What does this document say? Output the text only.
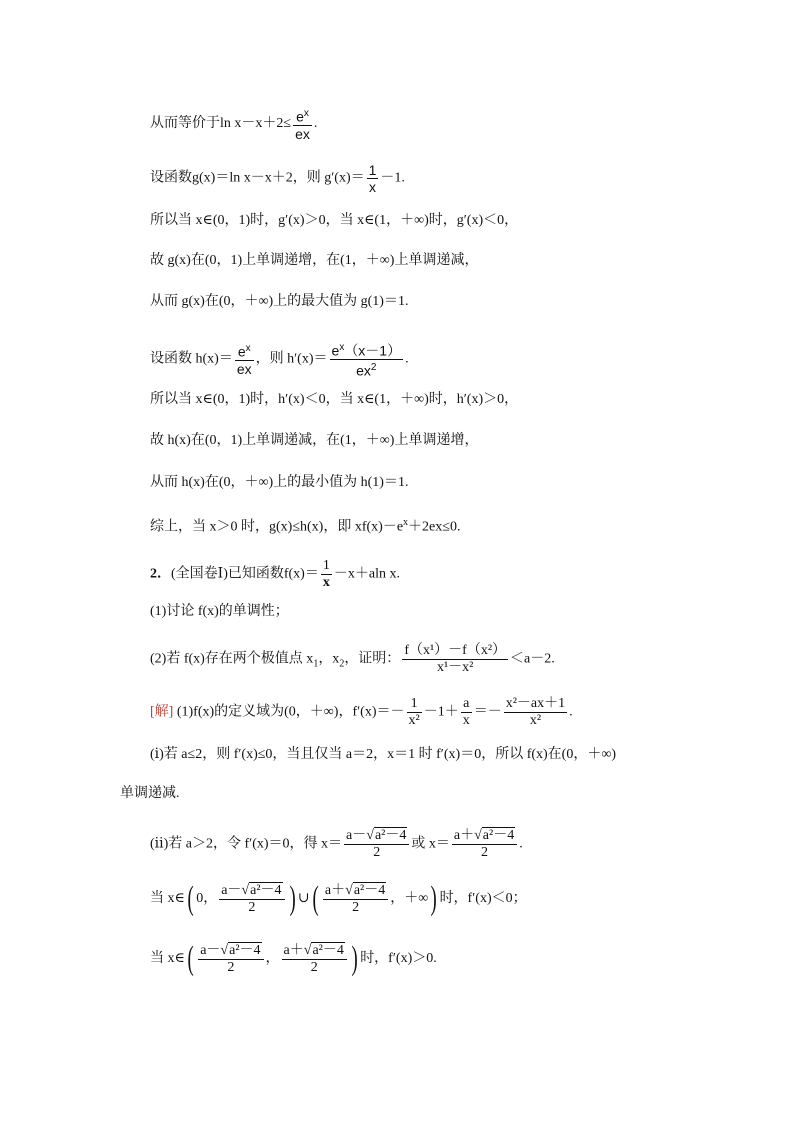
从而等价于$\ln x-x+2\le \frac{e^x}{ex}$ .
设函数g(x)＝ln x－x＋2，则 $g'(x)= \frac{1}{x} -1$.
所以当 x∈(0，1)时，g′(x)＞0，当 x∈(1，＋∞)时，g′(x)＜0，
故 g(x)在(0，1)上单调递增，在(1，＋∞)上单调递减，
从而 g(x)在(0，＋∞)上的最大值为 g(1)＝1.
设函数 $h(x)= \frac{e^x}{ex}$ ，则 $h'(x)= \frac{e^x(x-1)}{ex^2}$ .
所以当 x∈(0，1)时，h′(x)＜0，当 x∈(1，＋∞)时，h′(x)＞0，
故 h(x)在(0，1)上单调递减，在(1，＋∞)上单调递增，
从而 h(x)在(0，＋∞)上的最小值为 h(1)＝1.
综上，当 x＞0 时，g(x)≤h(x)，即 $xf(x)-e^x+2ex\le 0$.
2．(全国卷Ⅰ)已知函数$f(x)= \frac{1}{x} -x+aln$ x.
(1)讨论 f(x)的单调性；
(2)若 f(x)存在两个极值点 $x_1$，$x_2$，证明： $\frac{\text{f（x¹）－f（x²）}}{\text{x¹－x²}} <a-2$.
[解] (1)f(x)的定义域为(0，＋∞)，$f'(x)=- \frac{1}{\text{x²}} -1+ \frac{a}{x} =- \frac{\text{x²－ax＋1}}{\text{x²}}$ .
(ⅰ)若 a≤2，则 f′(x)≤0，当且仅当 a＝2，x＝1 时 f′(x)＝0，所以 f(x)在(0，＋∞)
单调递减.
(ⅱ)若 a＞2，令 f′(x)＝0，得 $x= \frac{\text{a－√a²－4}}{2}$ 或 $x= \frac{\text{a＋√a²－4}}{2}$ .
当 x∈( 0， $\frac{\text{a－√a²－4}}{2}$ ) ∪( $\frac{\text{a＋√a²－4}}{2}$ ，＋∞) 时，f′(x)＜0；
当 x∈( $\frac{\text{a－√a²－4}}{2}$ ， $\frac{\text{a＋√a²－4}}{2}$ ) 时，f′(x)＞0.
